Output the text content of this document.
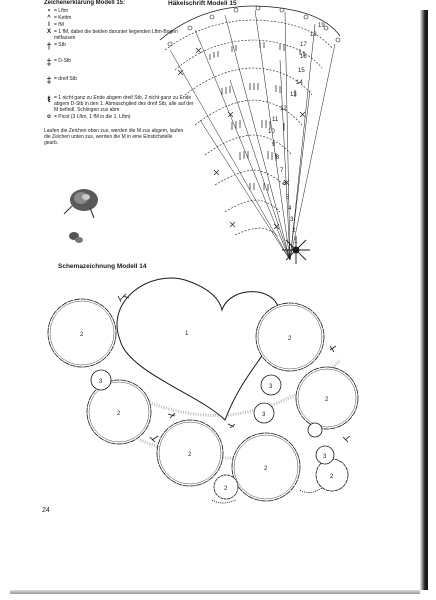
Zeichenerklärung Modell 15:
• = Lftm
^ = Kettm
I = fM
X = 1 fM, dabei die beiden darunter liegenden Lftm-Bogen mitfassen
† = Stb
‡ = D-Stb
‡ = dreif Stb
ŧ = 1 nicht ganz zu Ende abgem dreif Stb, 2 nicht ganz zu Ende abgem D-Stb in den 1. Abmaschglied des dreif Stb, alle auf der M befindl. Schlingen zus abm
o = Picot (3 Lftm, 1 fM in die 1. Lftm)
Laufen die Zeichen oben zus, werden die M zus abgem, laufen die Zeichen unten zus, werden die M in eine Einstichstelle gearb.
Häkelschrift Modell 15
Schemazeichnung Modell 14
24
1
2
3
4
5
6
7
8
9
10
11
12
13
14
15
16
17
18
19
1
2
2
2
2
2
2
2
2
3
3
3
3
